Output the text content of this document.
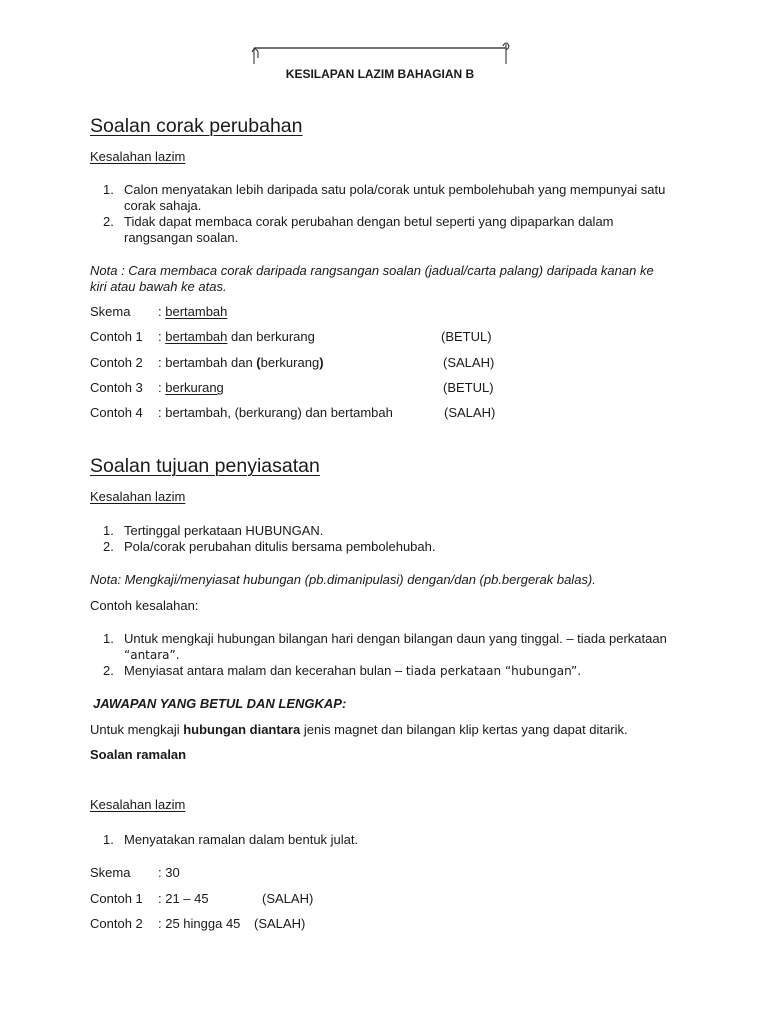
KESILAPAN LAZIM BAHAGIAN B
Soalan corak perubahan
Kesalahan lazim
1. Calon menyatakan lebih daripada satu pola/corak untuk pembolehubah yang mempunyai satu
corak sahaja.
2. Tidak dapat membaca corak perubahan dengan betul seperti yang dipaparkan dalam
rangsangan soalan.
Nota : Cara membaca corak daripada rangsangan soalan (jadual/carta palang) daripada kanan ke
kiri atau bawah ke atas.
Skema : bertambah
Contoh 1 : bertambah dan berkurang	(BETUL)
Contoh 2 : bertambah dan (berkurang)	(SALAH)
Contoh 3 : berkurang	(BETUL)
Contoh 4 : bertambah, (berkurang) dan bertambah	(SALAH)
Soalan tujuan penyiasatan
Kesalahan lazim
1. Tertinggal perkataan HUBUNGAN.
2. Pola/corak perubahan ditulis bersama pembolehubah.
Nota: Mengkaji/menyiasat hubungan (pb.dimanipulasi) dengan/dan (pb.bergerak balas).
Contoh kesalahan:
1. Untuk mengkaji hubungan bilangan hari dengan bilangan daun yang tinggal. – tiada perkataan
“antara”.
2. Menyiasat antara malam dan kecerahan bulan – tiada perkataan “hubungan”.
JAWAPAN YANG BETUL DAN LENGKAP:
Untuk mengkaji hubungan diantara jenis magnet dan bilangan klip kertas yang dapat ditarik.
Soalan ramalan
Kesalahan lazim
1. Menyatakan ramalan dalam bentuk julat.
Skema : 30
Contoh 1 : 21 – 45	(SALAH)
Contoh 2 : 25 hingga 45 (SALAH)
